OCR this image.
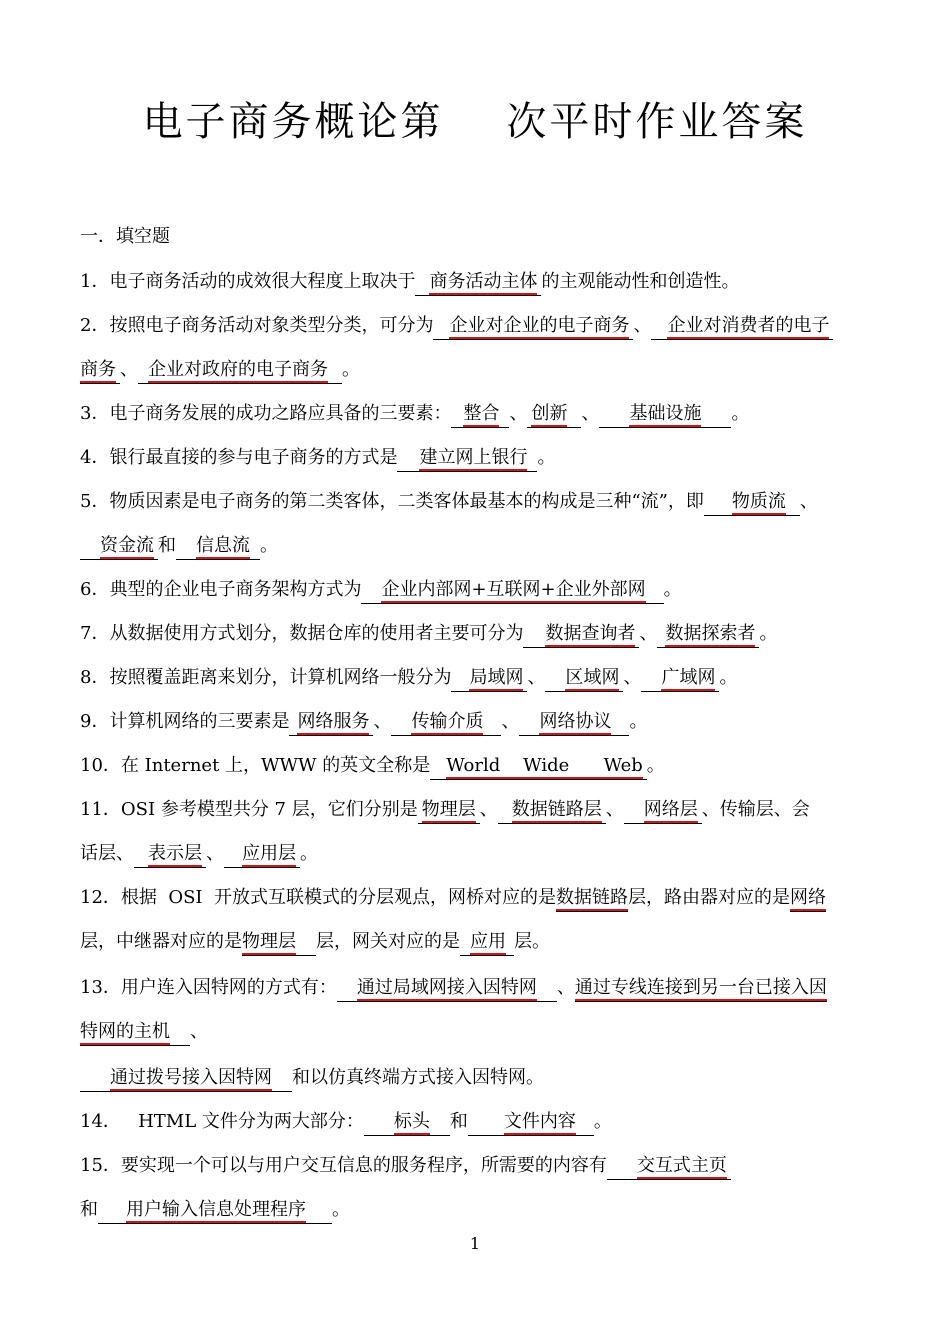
电子商务概论第    次平时作业答案
一．填空题
1．电子商务活动的成效很大程度上取决于 商务活动主体 的主观能动性和创造性。
2．按照电子商务活动对象类型分类，可分为 企业对企业的电子商务 、 企业对消费者的电子
商务 、 企业对政府的电子商务 。
3．电子商务发展的成功之路应具备的三要素： 整合 、 创新 、 基础设施 。
4．银行最直接的参与电子商务的方式是 建立网上银行 。
5．物质因素是电子商务的第二类客体，二类客体最基本的构成是三种“流”，即 物质流 、
资金流 和 信息流 。
6．典型的企业电子商务架构方式为 企业内部网+互联网+企业外部网 。
7．从数据使用方式划分，数据仓库的使用者主要可分为 数据查询者 、 数据探索者 。
8．按照覆盖距离来划分，计算机网络一般分为 局域网 、 区域网 、 广域网 。
9．计算机网络的三要素是 网络服务 、 传输介质 、 网络协议 。
10．在 Internet 上，WWW 的英文全称是 World    Wide      Web 。
11．OSI 参考模型共分 7 层，它们分别是 物理层 、 数据链路层 、 网络层 、传输层、会
话层、 表示层 、 应用层 。
12．根据  OSI  开放式互联模式的分层观点，网桥对应的是数据链路层，路由器对应的是网络
层，中继器对应的是物理层 层，网关对应的是 应用 层。
13．用户连入因特网的方式有： 通过局域网接入因特网 、通过专线连接到另一台已接入因
特网的主机 、
通过拨号接入因特网 和以仿真终端方式接入因特网。
14．   HTML 文件分为两大部分： 标头 和 文件内容 。
15．要实现一个可以与用户交互信息的服务程序，所需要的内容有 交互式主页
和 用户输入信息处理程序 。
1
